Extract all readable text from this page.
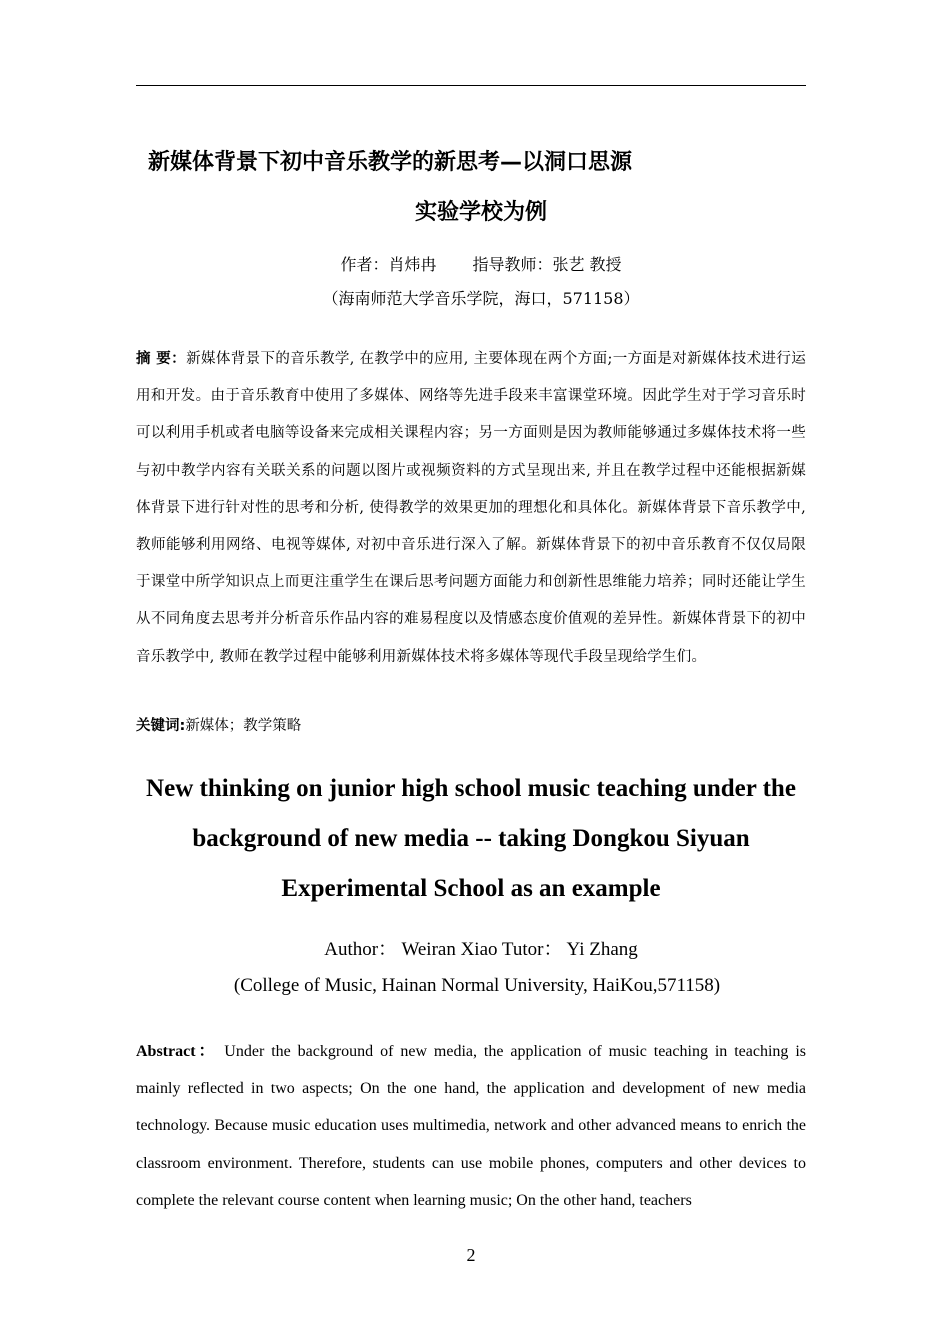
新媒体背景下初中音乐教学的新思考—以洞口思源
实验学校为例
作者：肖炜冉 指导教师：张艺 教授
（海南师范大学音乐学院，海口，571158）
摘 要：新媒体背景下的音乐教学, 在教学中的应用, 主要体现在两个方面;一方面是对新媒体技术进行运用和开发。由于音乐教育中使用了多媒体、网络等先进手段来丰富课堂环境。因此学生对于学习音乐时可以利用手机或者电脑等设备来完成相关课程内容；另一方面则是因为教师能够通过多媒体技术将一些与初中教学内容有关联关系的问题以图片或视频资料的方式呈现出来, 并且在教学过程中还能根据新媒体背景下进行针对性的思考和分析, 使得教学的效果更加的理想化和具体化。新媒体背景下音乐教学中, 教师能够利用网络、电视等媒体, 对初中音乐进行深入了解。新媒体背景下的初中音乐教育不仅仅局限于课堂中所学知识点上而更注重学生在课后思考问题方面能力和创新性思维能力培养；同时还能让学生从不同角度去思考并分析音乐作品内容的难易程度以及情感态度价值观的差异性。新媒体背景下的初中音乐教学中, 教师在教学过程中能够利用新媒体技术将多媒体等现代手段呈现给学生们。
关键词:新媒体；教学策略
New thinking on junior high school music teaching under the
background of new media -- taking Dongkou Siyuan
Experimental School as an example
Author： Weiran Xiao Tutor： Yi Zhang
(College of Music, Hainan Normal University, HaiKou,571158)
Abstract： Under the background of new media, the application of music teaching in teaching is mainly reflected in two aspects; On the one hand, the application and development of new media technology. Because music education uses multimedia, network and other advanced means to enrich the classroom environment. Therefore, students can use mobile phones, computers and other devices to complete the relevant course content when learning music; On the other hand, teachers
2
